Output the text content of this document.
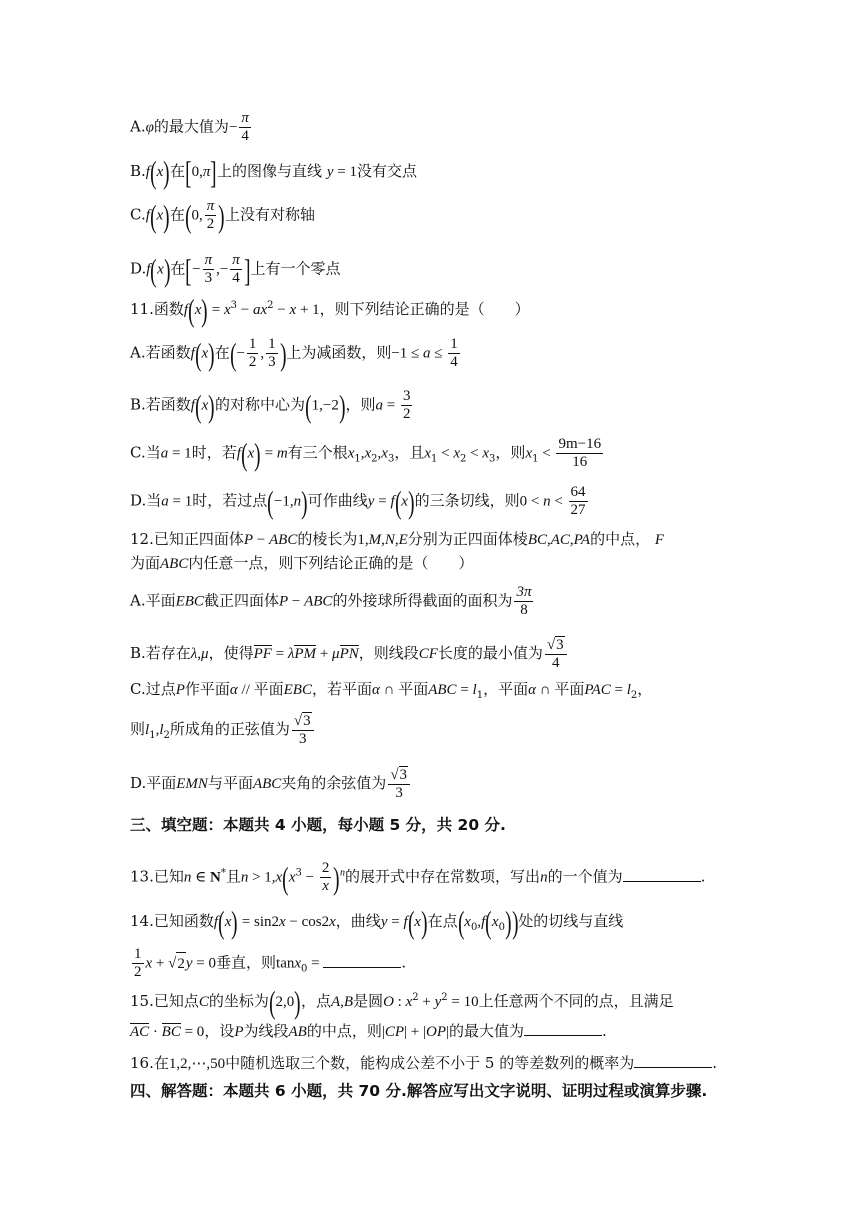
A.φ的最大值为− $\frac{\pi}{4}$
B.f(x)在[0,π]上的图像与直线 y = 1没有交点
C.f(x)在(0, $\frac{\pi}{2}$ )上没有对称轴
D.f(x)在[− $\frac{\pi}{3}$ ,− $\frac{\pi}{4}$ ]上有一个零点
11.函数$f(x) = x^3 - ax^2 - x + 1$，则下列结论正确的是（　　）
A.若函数f(x)在(− $\frac{1}{2}$ , $\frac{1}{3}$ )上为减函数，则$-1 \le a \le \frac{1}{4}$
B.若函数f(x)的对称中心为(1,−2)，则$a = \frac{3}{2}$
C.当a = 1时，若f(x) = m有三个根$x_1,x_2,x_3$，且$x_1 < x_2 < x_3$，则$x_1 < \frac{9m-16}{16}$
D.当a = 1时，若过点(−1,n)可作曲线y = f(x)的三条切线，则$0 < n < \frac{64}{27}$
12.已知正四面体P − ABC的棱长为1,M,N,E分别为正四面体棱BC,AC,PA的中点， F
为面ABC内任意一点，则下列结论正确的是（　　）
A.平面EBC截正四面体P − ABC的外接球所得截面的面积为 $\frac{3\pi}{8}$
B.若存在λ,μ，使得PF = λPM + μPN，则线段CF长度的最小值为 $\frac{√3}{4}$
C.过点P作平面α // 平面EBC，若平面α ∩ 平面ABC = $l_1$，平面α ∩ 平面PAC = $l_2$，
则$l_1,l_2$所成角的正弦值为 $\frac{√3}{3}$
D.平面EMN与平面ABC夹角的余弦值为 $\frac{√3}{3}$
三、填空题：本题共 4 小题，每小题 5 分，共 20 分.
13.已知n ∈ N*且$n > 1,x(x^3 - \frac{2}{x} )^n$的展开式中存在常数项，写出n的一个值为	.
14.已知函数f(x) = sin2x − cos2x，曲线y = f(x)在点$(x_0,f(x_0))$处的切线与直线
$\frac{1}{2}$ x + √2y = 0垂直，则tanx$_0$ =	.
15.已知点C的坐标为(2,0)，点A,B是圆O : $x^2 + y^2 = 10$上任意两个不同的点，且满足
AC · BC = 0，设P为线段AB的中点，则|CP| + |OP|的最大值为	.
16.在1,2,⋯,50中随机选取三个数，能构成公差不小于 5 的等差数列的概率为	.
四、解答题：本题共 6 小题，共 70 分.解答应写出文字说明、证明过程或演算步骤.
